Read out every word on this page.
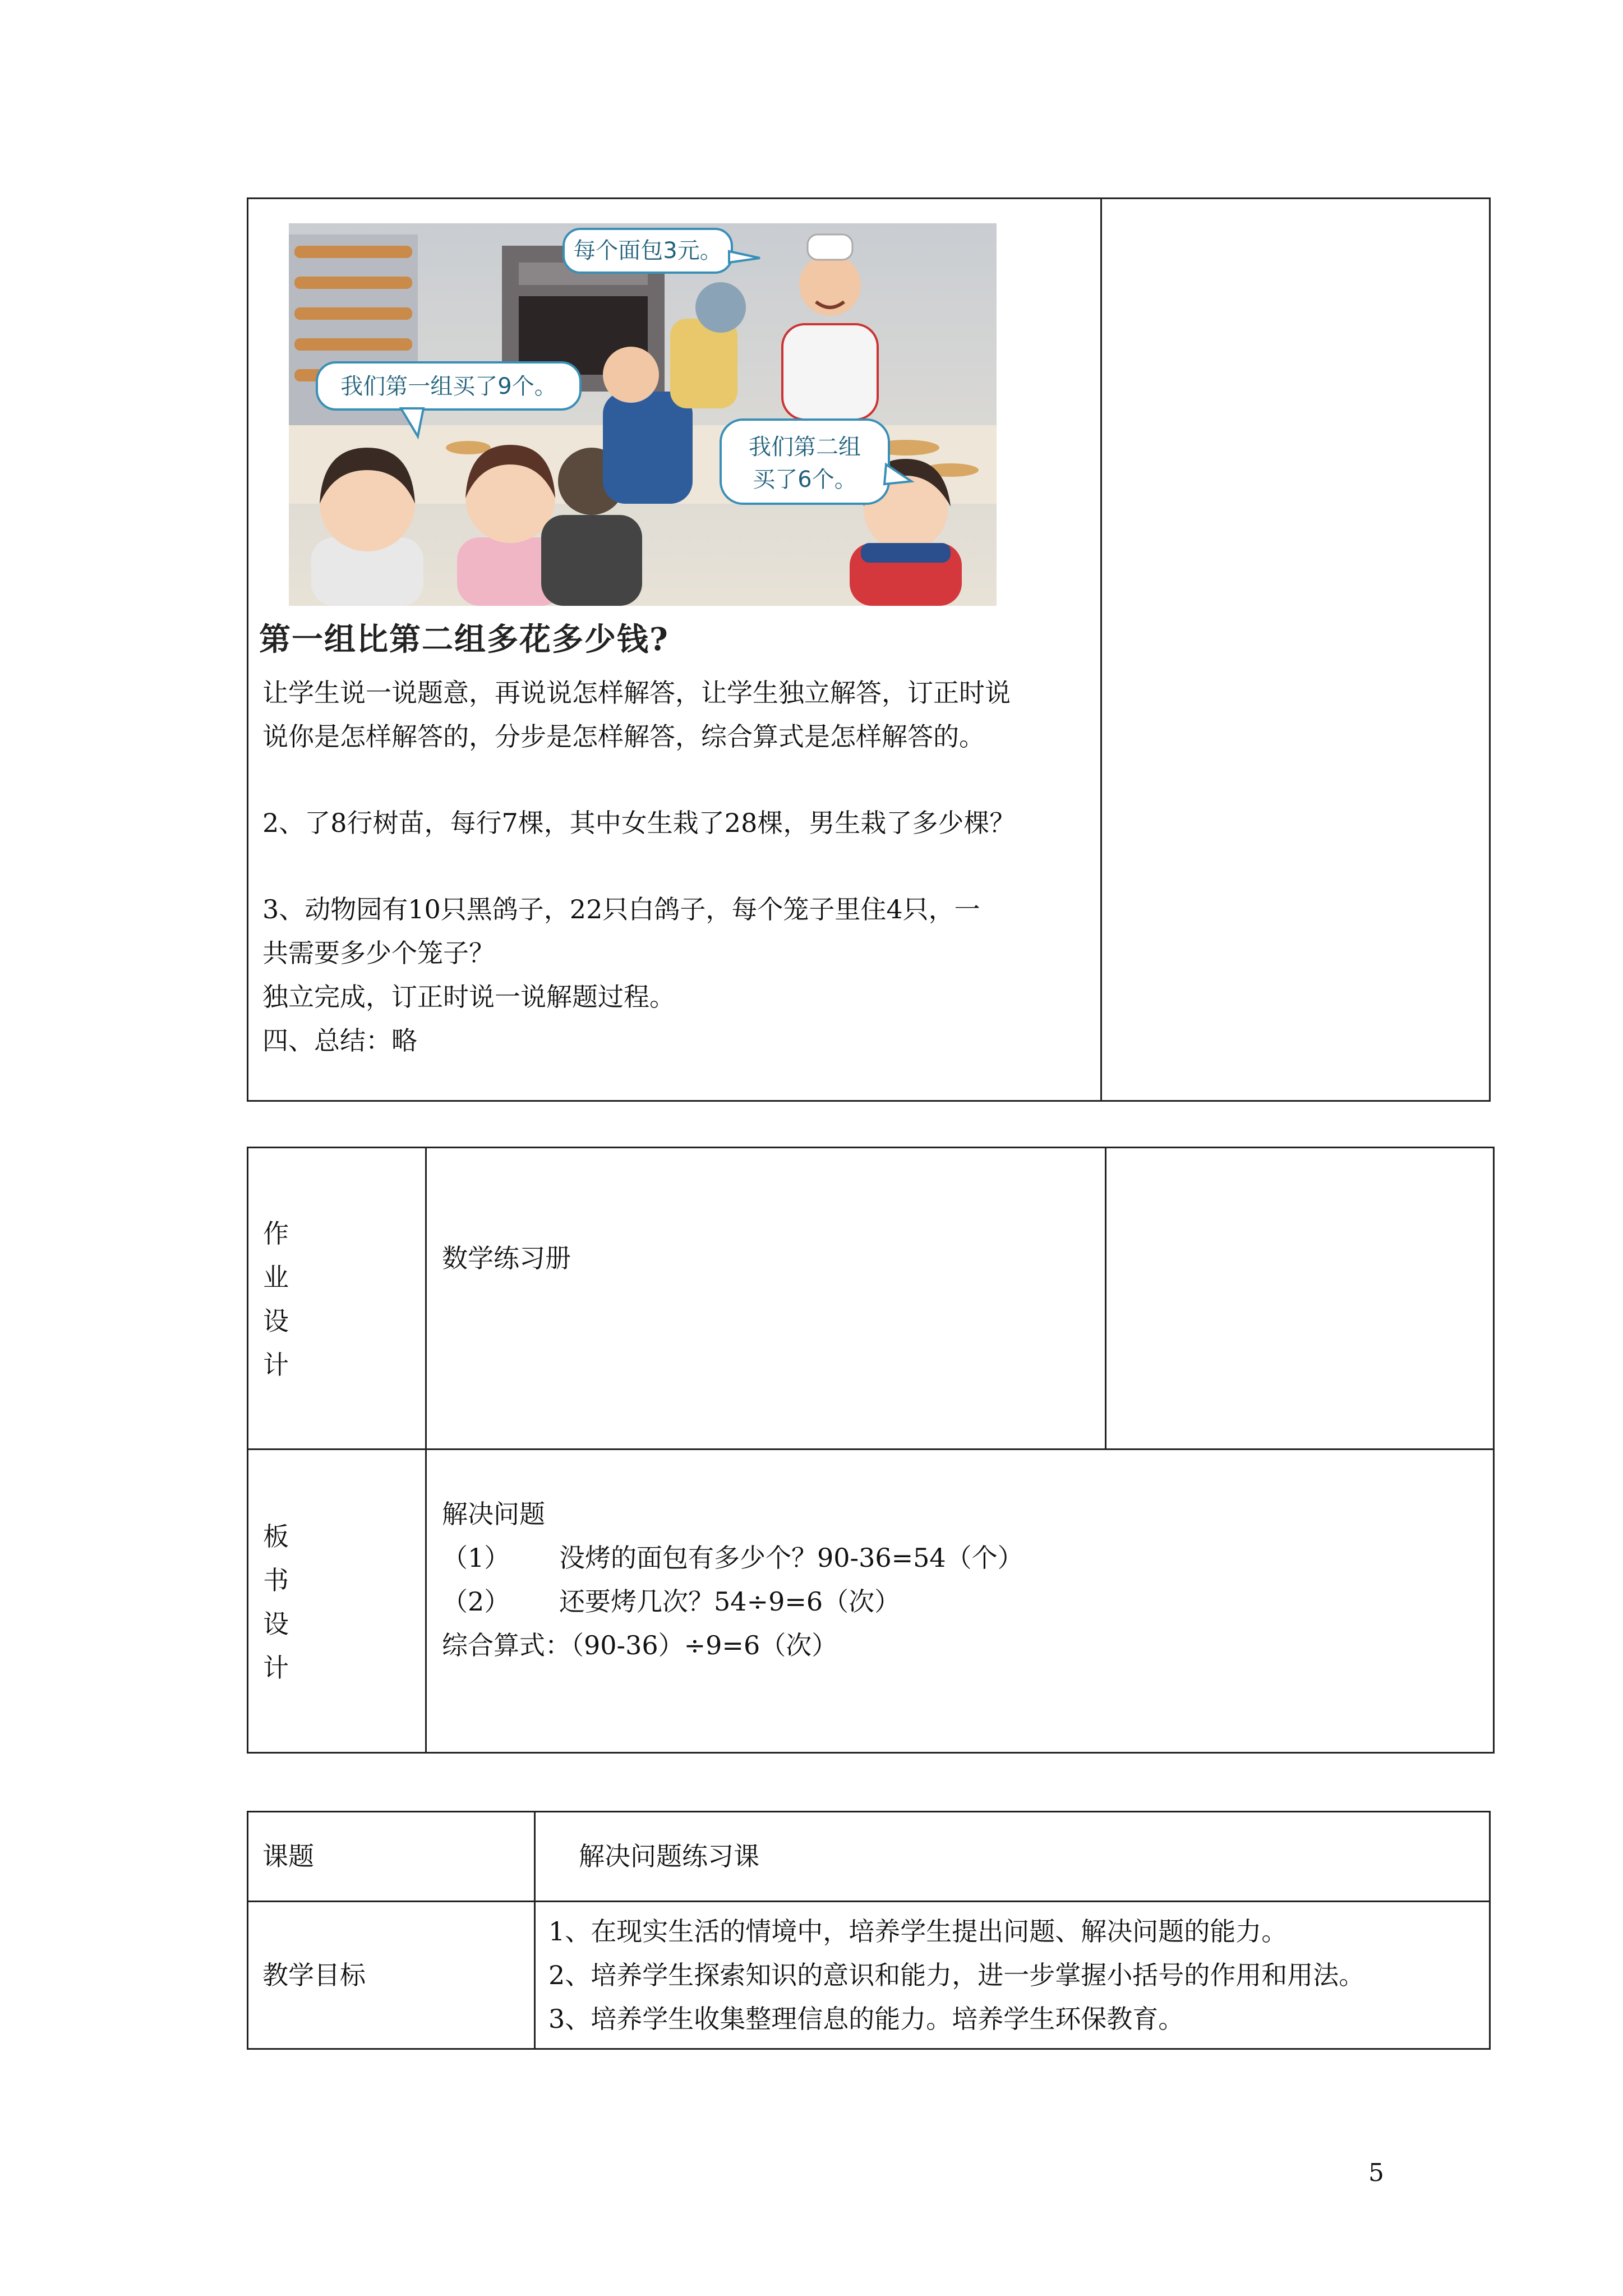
每个面包3元。
我们第一组买了9个。
我们第二组
买了6个。
第一组比第二组多花多少钱?
让学生说一说题意，再说说怎样解答，让学生独立解答，订正时说
说你是怎样解答的，分步是怎样解答，综合算式是怎样解答的。
2、了8行树苗，每行7棵，其中女生栽了28棵，男生栽了多少棵？
3、动物园有10只黑鸽子，22只白鸽子，每个笼子里住4只，一
共需要多少个笼子？
独立完成，订正时说一说解题过程。
四、总结：略
作
业
设
计
数学练习册
板
书
设
计
解决问题
（1）      没烤的面包有多少个？90-36=54（个）
（2）      还要烤几次？54÷9=6（次）
综合算式：（90-36）÷9=6（次）
课题	解决问题练习课
教学目标
1、在现实生活的情境中，培养学生提出问题、解决问题的能力。
2、培养学生探索知识的意识和能力，进一步掌握小括号的作用和用法。
3、培养学生收集整理信息的能力。培养学生环保教育。
5
